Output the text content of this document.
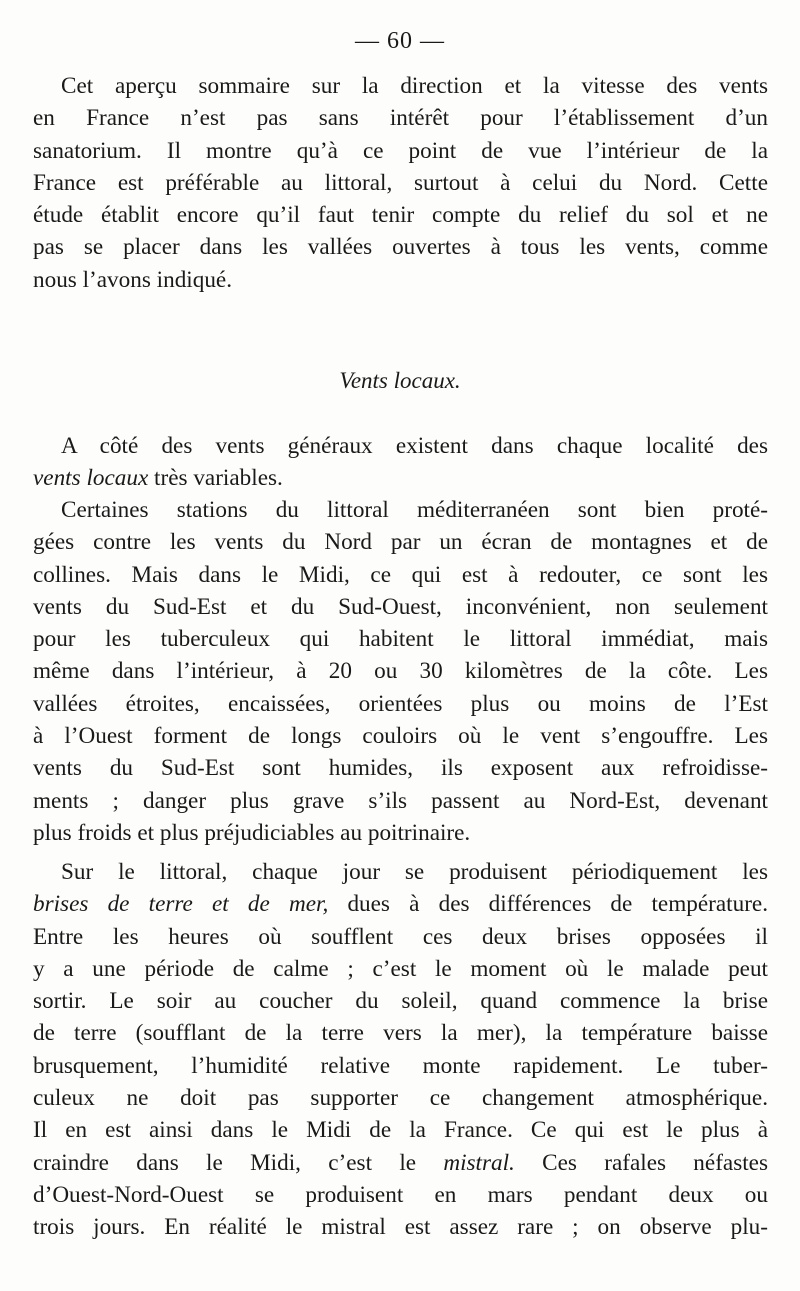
— 60 —
Cet aperçu sommaire sur la direction et la vitesse des vents
en France n’est pas sans intérêt pour l’établissement d’un
sanatorium. Il montre qu’à ce point de vue l’intérieur de la
France est préférable au littoral, surtout à celui du Nord. Cette
étude établit encore qu’il faut tenir compte du relief du sol et ne
pas se placer dans les vallées ouvertes à tous les vents, comme
nous l’avons indiqué.
Vents locaux.
A côté des vents généraux existent dans chaque localité des
vents locaux très variables.
Certaines stations du littoral méditerranéen sont bien proté-
gées contre les vents du Nord par un écran de montagnes et de
collines. Mais dans le Midi, ce qui est à redouter, ce sont les
vents du Sud-Est et du Sud-Ouest, inconvénient, non seulement
pour les tuberculeux qui habitent le littoral immédiat, mais
même dans l’intérieur, à 20 ou 30 kilomètres de la côte. Les
vallées étroites, encaissées, orientées plus ou moins de l’Est
à l’Ouest forment de longs couloirs où le vent s’engouffre. Les
vents du Sud-Est sont humides, ils exposent aux refroidisse-
ments ; danger plus grave s’ils passent au Nord-Est, devenant
plus froids et plus préjudiciables au poitrinaire.
Sur le littoral, chaque jour se produisent périodiquement les
brises de terre et de mer, dues à des différences de température.
Entre les heures où soufflent ces deux brises opposées il
y a une période de calme ; c’est le moment où le malade peut
sortir. Le soir au coucher du soleil, quand commence la brise
de terre (soufflant de la terre vers la mer), la température baisse
brusquement, l’humidité relative monte rapidement. Le tuber-
culeux ne doit pas supporter ce changement atmosphérique.
Il en est ainsi dans le Midi de la France. Ce qui est le plus à
craindre dans le Midi, c’est le mistral. Ces rafales néfastes
d’Ouest-Nord-Ouest se produisent en mars pendant deux ou
trois jours. En réalité le mistral est assez rare ; on observe plu-
